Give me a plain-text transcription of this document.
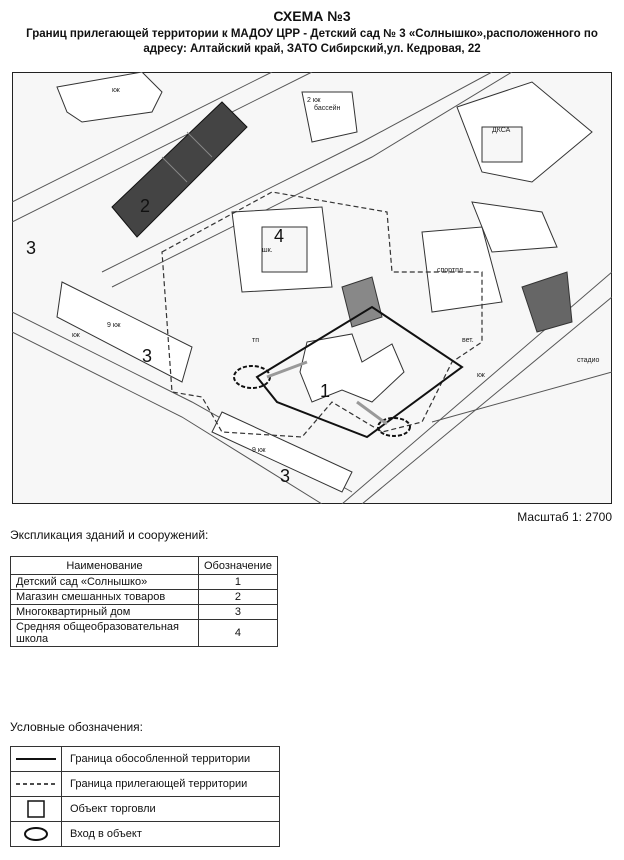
СХЕМА №3
Границ прилегающей территории к МАДОУ ЦРР - Детский сад № 3 «Солнышко»,расположенного по адресу: Алтайский край, ЗАТО Сибирский,ул. Кедровая, 22
бассейн
2 кж
ДКСА
спортпл.
шк.
тп	вет.
стадио
9 кж
9 кж
кж
кж
кж
1
2
3
3
3
4
Масштаб 1: 2700
Экспликация зданий и сооружений:
Наименование	Обозначение
Детский сад «Солнышко»	1
Магазин смешанных товаров	2
Многоквартирный дом	3
Средняя общеобразовательная школа	4
Условные обозначения:
Граница обособленной территории
Граница прилегающей территории
Объект торговли
Вход в объект
